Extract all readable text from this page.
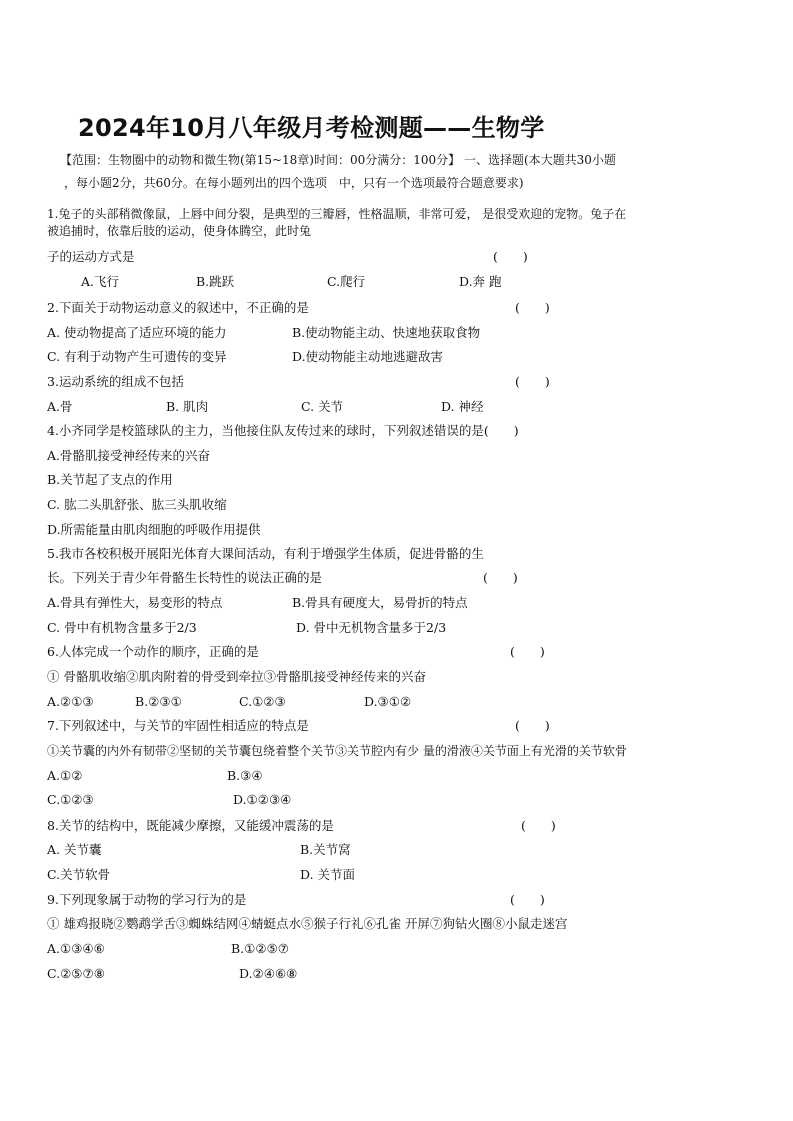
2024年10月八年级月考检测题——生物学
【范围：生物圈中的动物和微生物(第15~18章)时间：00分满分：100分】 一、选择题(本大题共30小题
，每小题2分，共60分。在每小题列出的四个选项　中，只有一个选项最符合题意要求)
1.兔子的头部稍微像鼠，上唇中间分裂，是典型的三瓣唇，性格温顺，非常可爱， 是很受欢迎的宠物。兔子在
被追捕时，依靠后肢的运动，使身体腾空，此时兔
子的运动方式是	(　　)
A.飞行	B.跳跃	C.爬行	D.奔 跑
2.下面关于动物运动意义的叙述中，不正确的是	(　　)
A. 使动物提高了适应环境的能力	B.使动物能主动、快速地获取食物
C. 有利于动物产生可遗传的变异	D.使动物能主动地逃避敌害
3.运动系统的组成不包括	(　　)
A.骨	B. 肌肉	C. 关节	D. 神经
4.小齐同学是校篮球队的主力，当他接住队友传过来的球时，下列叙述错误的是(　　)
A.骨骼肌接受神经传来的兴奋
B.关节起了支点的作用
C. 肱二头肌舒张、肱三头肌收缩
D.所需能量由肌肉细胞的呼吸作用提供
5.我市各校积极开展阳光体育大课间活动，有利于增强学生体质，促进骨骼的生
长。下列关于青少年骨骼生长特性的说法正确的是	(　　)
A.骨具有弹性大，易变形的特点	B.骨具有硬度大，易骨折的特点
C. 骨中有机物含量多于2/3	D. 骨中无机物含量多于2/3
6.人体完成一个动作的顺序，正确的是	(　　)
① 骨骼肌收缩②肌肉附着的骨受到牵拉③骨骼肌接受神经传来的兴奋
A.②①③	B.②③①	C.①②③	D.③①②
7.下列叙述中，与关节的牢固性相适应的特点是	(　　)
①关节囊的内外有韧带②坚韧的关节囊包绕着整个关节③关节腔内有少 量的滑液④关节面上有光滑的关节软骨
A.①②	B.③④
C.①②③	D.①②③④
8.关节的结构中，既能减少摩擦，又能缓冲震荡的是	(　　)
A. 关节囊	B.关节窝
C.关节软骨	D. 关节面
9.下列现象属于动物的学习行为的是	(　　)
① 雄鸡报晓②鹦鹉学舌③蜘蛛结网④蜻蜓点水⑤猴子行礼⑥孔雀 开屏⑦狗钻火圈⑧小鼠走迷宫
A.①③④⑥	B.①②⑤⑦
C.②⑤⑦⑧	D.②④⑥⑧
